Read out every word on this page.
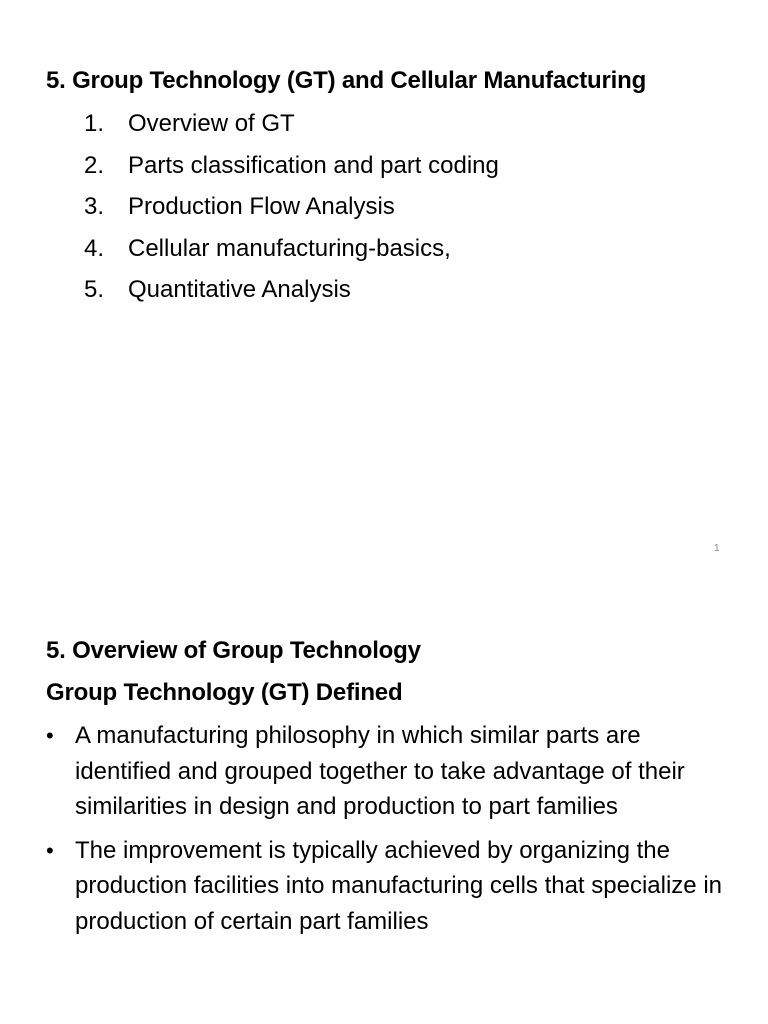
5. Group Technology (GT) and Cellular Manufacturing
1. Overview of GT
2. Parts classification and part coding
3. Production Flow Analysis
4. Cellular manufacturing-basics,
5. Quantitative Analysis
1
5. Overview of Group Technology
Group Technology (GT) Defined
• A manufacturing philosophy in which similar parts are identified and grouped together to take advantage of their similarities in design and production to part families
• The improvement is typically achieved by organizing the production facilities into manufacturing cells that specialize in production of certain part families
